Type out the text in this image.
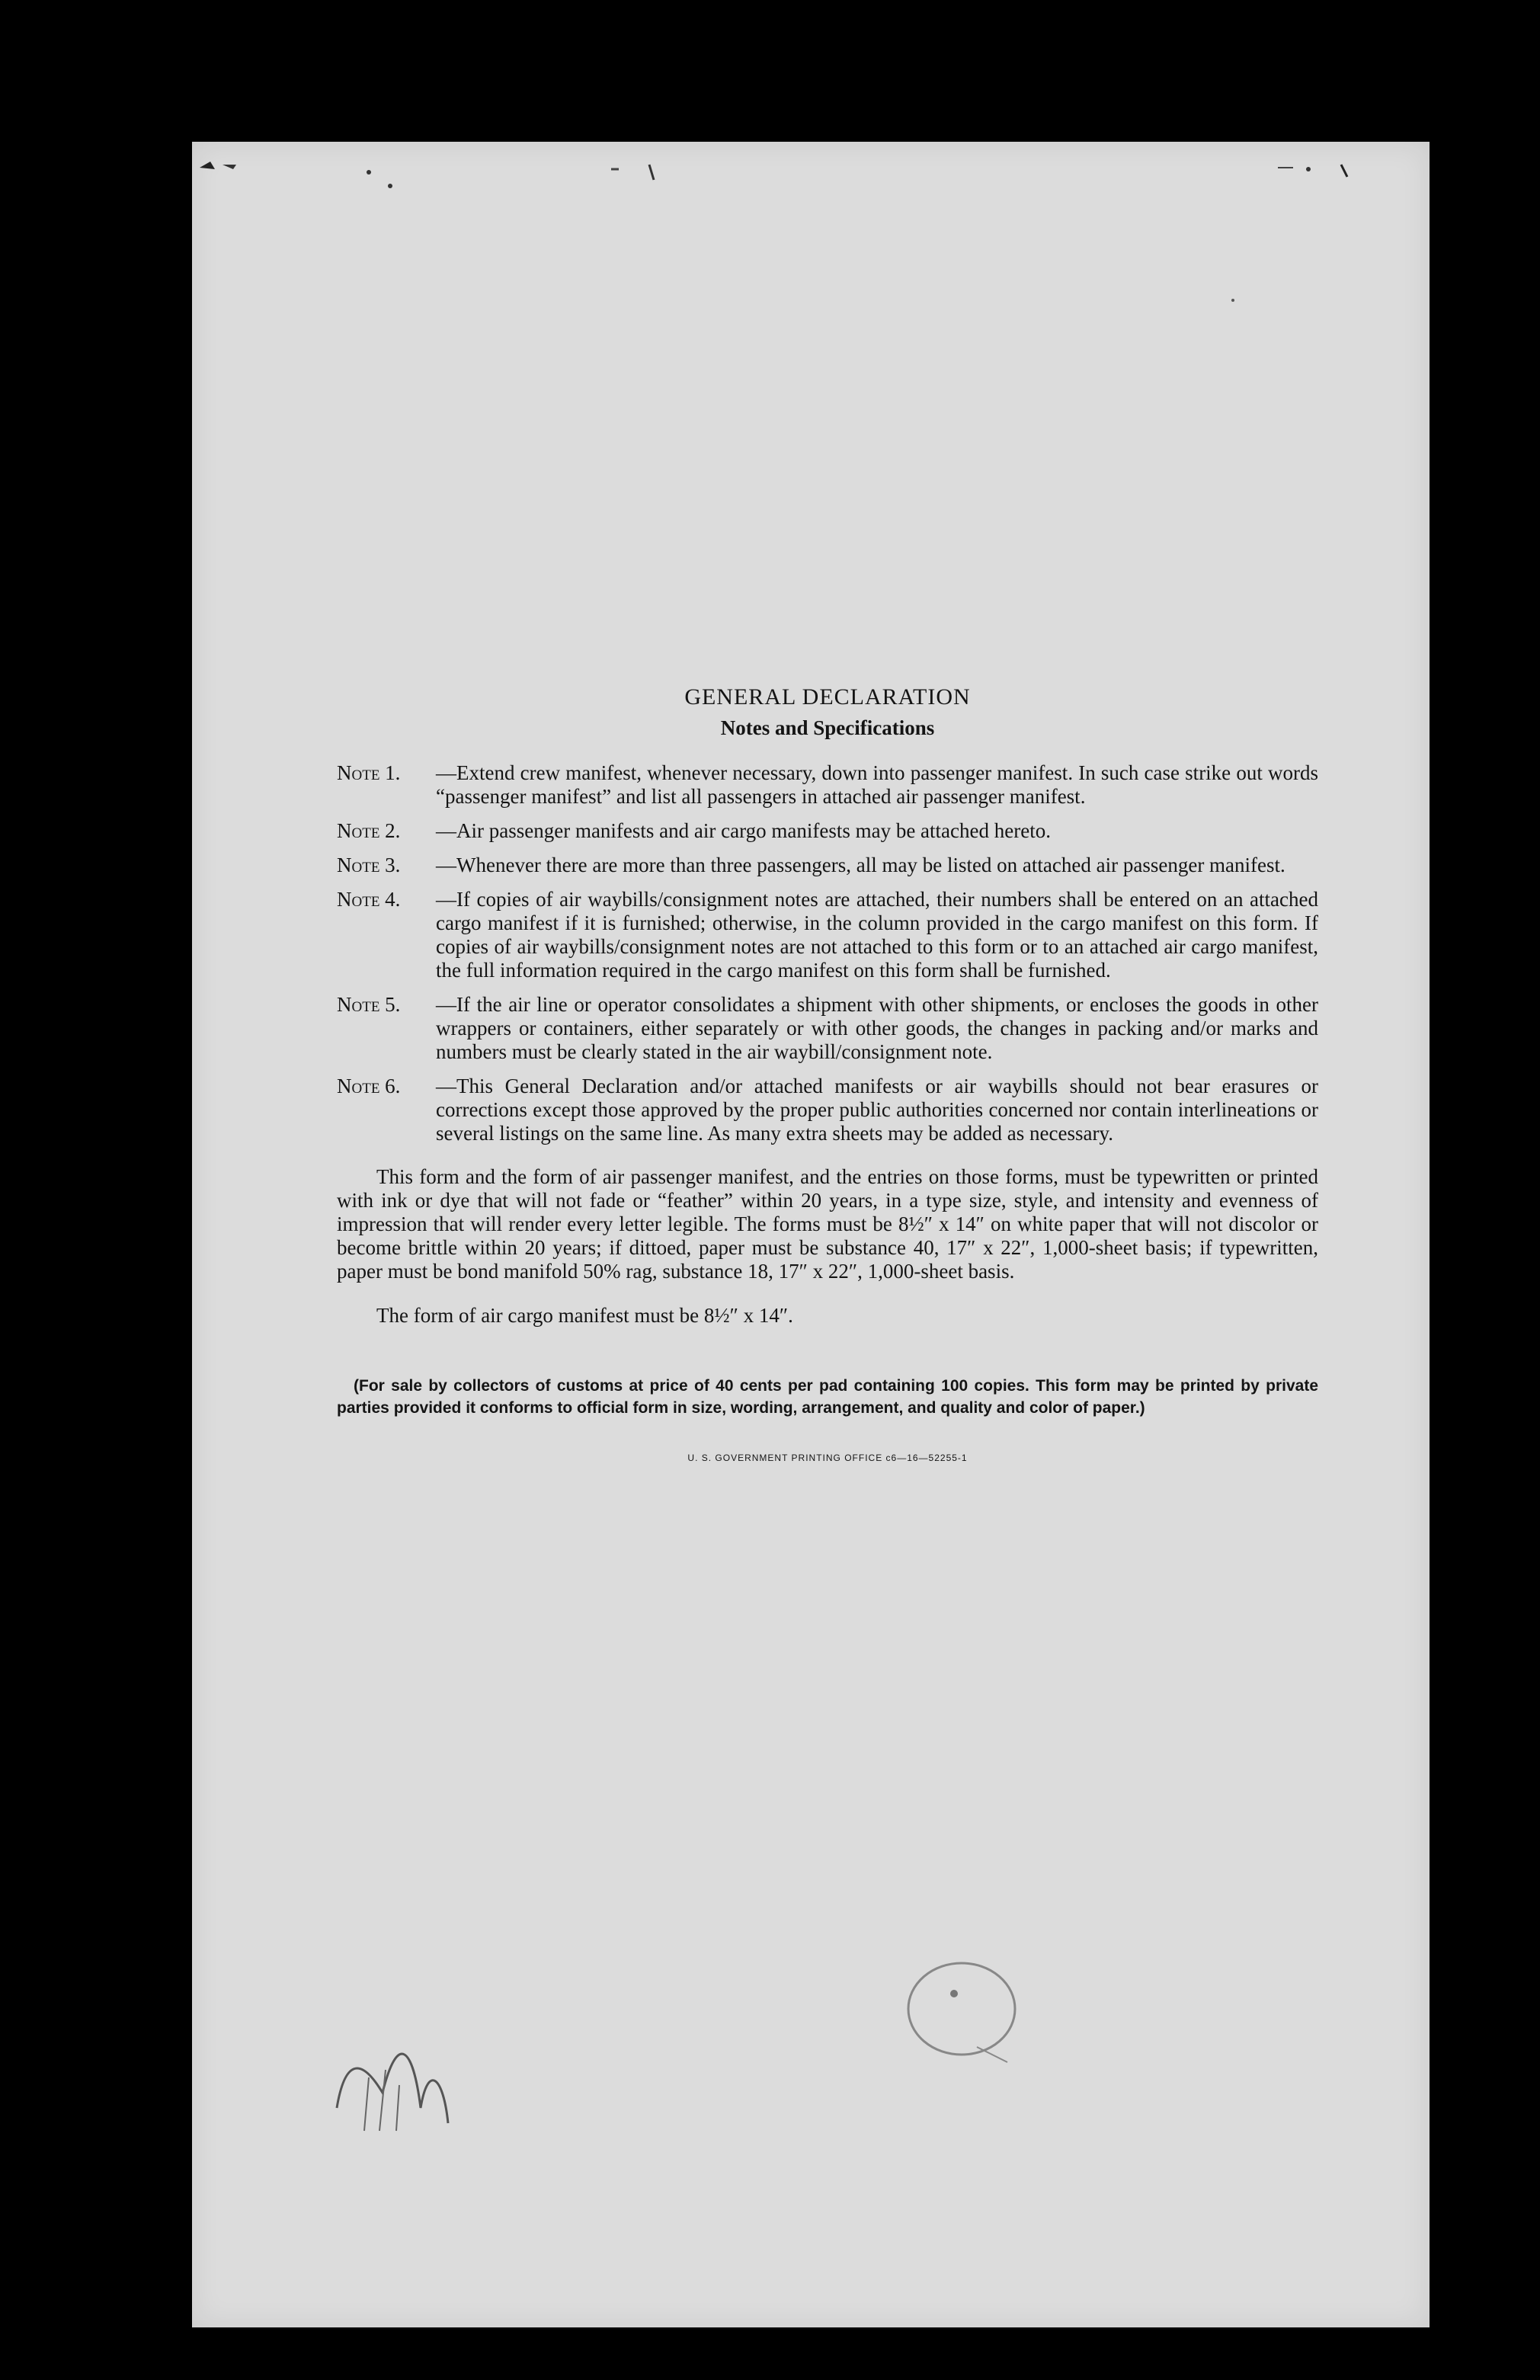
GENERAL DECLARATION
Notes and Specifications
Note 1.	—Extend crew manifest, whenever necessary, down into passenger manifest. In such case strike out words “passenger manifest” and list all passengers in attached air passenger manifest.
Note 2.	—Air passenger manifests and air cargo manifests may be attached hereto.
Note 3.	—Whenever there are more than three passengers, all may be listed on attached air passenger manifest.
Note 4.	—If copies of air waybills/consignment notes are attached, their numbers shall be entered on an attached cargo manifest if it is furnished; otherwise, in the column provided in the cargo manifest on this form. If copies of air waybills/consignment notes are not attached to this form or to an attached air cargo manifest, the full information required in the cargo manifest on this form shall be furnished.
Note 5.	—If the air line or operator consolidates a shipment with other shipments, or encloses the goods in other wrappers or containers, either separately or with other goods, the changes in packing and/or marks and numbers must be clearly stated in the air waybill/consignment note.
Note 6.	—This General Declaration and/or attached manifests or air waybills should not bear erasures or corrections except those approved by the proper public authorities concerned nor contain interlineations or several listings on the same line. As many extra sheets may be added as necessary.

This form and the form of air passenger manifest, and the entries on those forms, must be typewritten or printed with ink or dye that will not fade or “feather” within 20 years, in a type size, style, and intensity and evenness of impression that will render every letter legible. The forms must be 8½″ x 14″ on white paper that will not discolor or become brittle within 20 years; if dittoed, paper must be substance 40, 17″ x 22″, 1,000-sheet basis; if typewritten, paper must be bond manifold 50% rag, substance 18, 17″ x 22″, 1,000-sheet basis.

The form of air cargo manifest must be 8½″ x 14″.

(For sale by collectors of customs at price of 40 cents per pad containing 100 copies. This form may be printed by private parties provided it conforms to official form in size, wording, arrangement, and quality and color of paper.)

U. S. GOVERNMENT PRINTING OFFICE c6—16—52255-1
